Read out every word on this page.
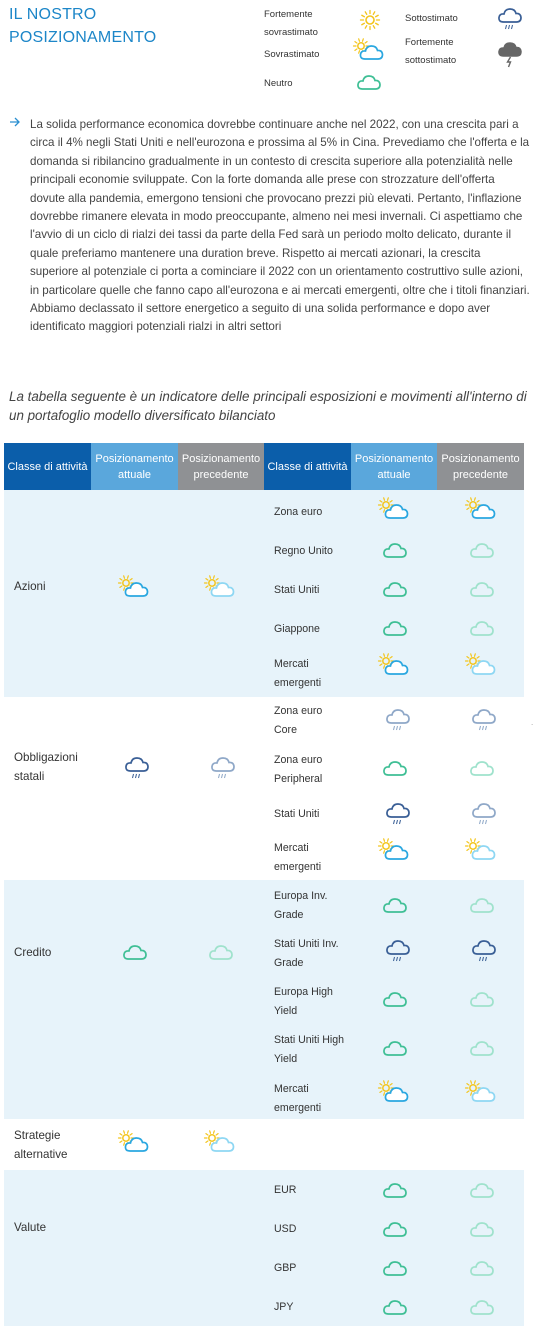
IL NOSTRO
POSIZIONAMENTO
Fortemente sovrastimato
Sovrastimato
Neutro
Sottostimato
Fortemente sottostimato

La solida performance economica dovrebbe continuare anche nel 2022, con una crescita pari a circa il 4% negli Stati Uniti e nell'eurozona e prossima al 5% in Cina. Prevediamo che l'offerta e la domanda si ribilancino gradualmente in un contesto di crescita superiore alla potenzialità nelle principali economie sviluppate. Con la forte domanda alle prese con strozzature dell'offerta dovute alla pandemia, emergono tensioni che provocano prezzi più elevati. Pertanto, l'inflazione dovrebbe rimanere elevata in modo preoccupante, almeno nei mesi invernali. Ci aspettiamo che l'avvio di un ciclo di rialzi dei tassi da parte della Fed sarà un periodo molto delicato, durante il quale preferiamo mantenere una duration breve. Rispetto ai mercati azionari, la crescita superiore al potenziale ci porta a cominciare il 2022 con un orientamento costruttivo sulle azioni, in particolare quelle che fanno capo all'eurozona e ai mercati emergenti, oltre che i titoli finanziari. Abbiamo declassato il settore energetico a seguito di una solida performance e dopo aver identificato maggiori potenziali rialzi in altri settori

La tabella seguente è un indicatore delle principali esposizioni e movimenti all'interno di un portafoglio modello diversificato bilanciato

Classe di attività
Posizionamento attuale
Posizionamento precedente
Classe di attività
Posizionamento attuale
Posizionamento precedente
Azioni
Zona euro
Regno Unito
Stati Uniti
Giappone
Mercati emergenti
Obbligazioni statali
Zona euro Core
Zona euro Peripheral
Stati Uniti
Mercati emergenti
Credito
Europa Inv. Grade
Stati Uniti Inv. Grade
Europa High Yield
Stati Uniti High Yield
Mercati emergenti
Strategie alternative
Valute
EUR
USD
GBP
JPY
.
